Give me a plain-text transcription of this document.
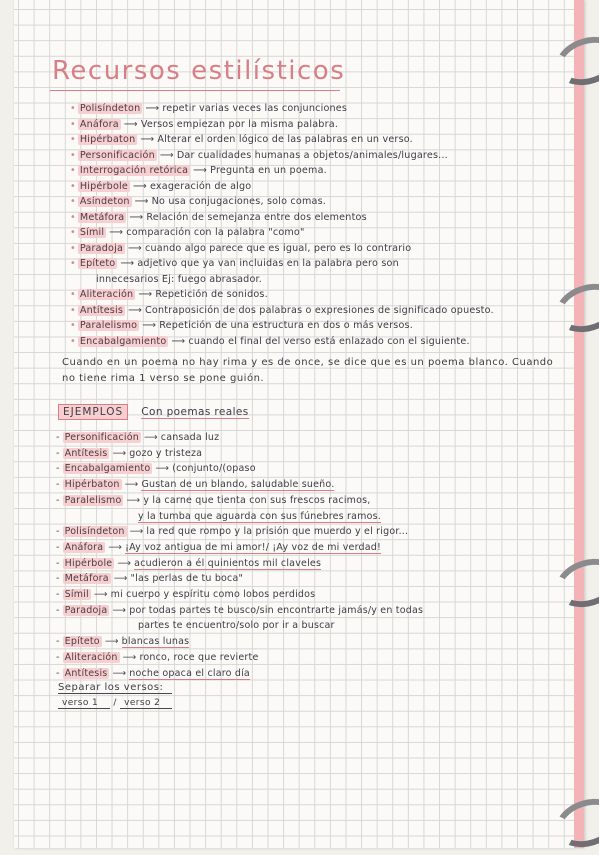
Recursos estilísticos
• Polisíndeton ⟶ repetir varias veces las conjunciones
• Anáfora ⟶ Versos empiezan por la misma palabra.
• Hipérbaton ⟶ Alterar el orden lógico de las palabras en un verso.
• Personificación ⟶ Dar cualidades humanas a objetos/animales/lugares...
• Interrogación retórica ⟶ Pregunta en un poema.
• Hipérbole ⟶ exageración de algo
• Asíndeton ⟶ No usa conjugaciones, solo comas.
• Metáfora ⟶ Relación de semejanza entre dos elementos
• Símil ⟶ comparación con la palabra "como"
• Paradoja ⟶ cuando algo parece que es igual, pero es lo contrario
• Epíteto ⟶ adjetivo que ya van incluidas en la palabra pero son
innecesarios Ej: fuego abrasador.
• Aliteración ⟶ Repetición de sonidos.
• Antítesis ⟶ Contraposición de dos palabras o expresiones de significado opuesto.
• Paralelismo ⟶ Repetición de una estructura en dos o más versos.
• Encabalgamiento ⟶ cuando el final del verso está enlazado con el siguiente.

Cuando en un poema no hay rima y es de once, se dice que es un poema blanco. Cuando no tiene rima 1 verso se pone guión.

EJEMPLOS Con poemas reales
- Personificación ⟶ cansada luz
- Antítesis ⟶ gozo y tristeza
- Encabalgamiento ⟶ (conjunto/(opaso
- Hipérbaton ⟶ Gustan de un blando, saludable sueño.
- Paralelismo ⟶ y la carne que tienta con sus frescos racimos,
y la tumba que aguarda con sus fúnebres ramos.
- Polisíndeton ⟶ la red que rompo y la prisión que muerdo y el rigor...
- Anáfora ⟶ ¡Ay voz antigua de mi amor!/ ¡Ay voz de mi verdad!
- Hipérbole ⟶ acudieron a él quinientos mil claveles
- Metáfora ⟶ "las perlas de tu boca"
- Símil ⟶ mi cuerpo y espíritu como lobos perdidos
- Paradoja ⟶ por todas partes te busco/sin encontrarte jamás/y en todas
partes te encuentro/solo por ir a buscar
- Epíteto ⟶ blancas lunas
- Aliteración ⟶ ronco, roce que revierte
- Antítesis ⟶ noche opaca el claro día
Separar los versos:
verso 1 / verso 2
